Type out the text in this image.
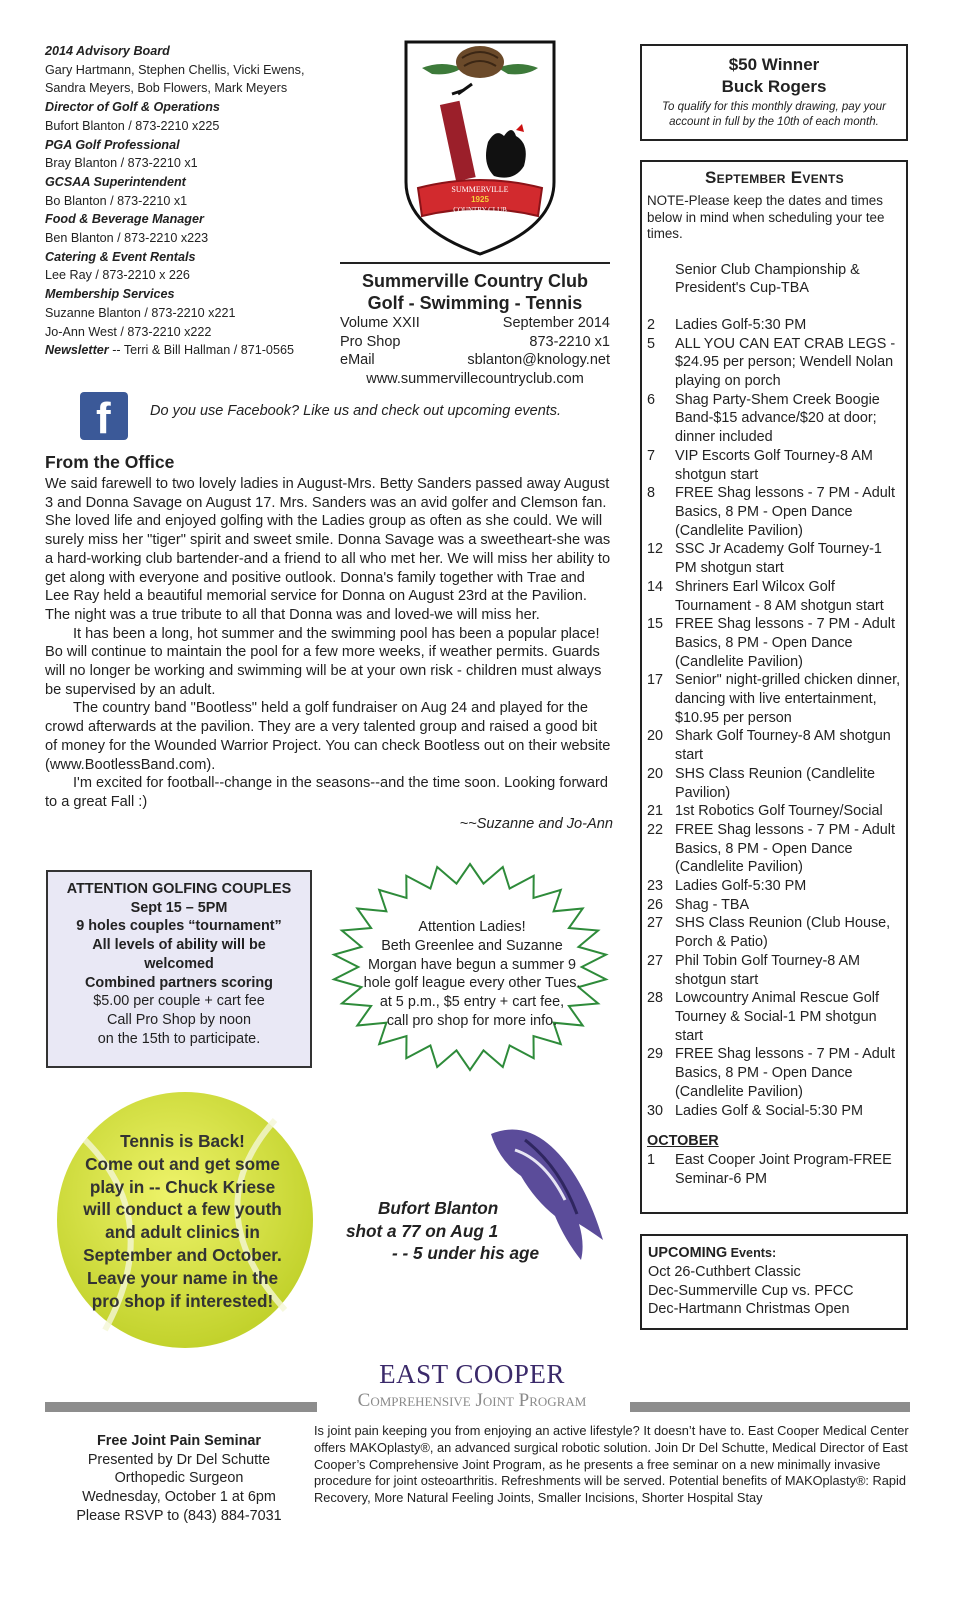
2014 Advisory Board
Gary Hartmann, Stephen Chellis, Vicki Ewens,
Sandra Meyers, Bob Flowers, Mark Meyers
Director of Golf & Operations
Bufort Blanton / 873-2210 x225
PGA Golf Professional
Bray Blanton / 873-2210 x1
GCSAA Superintendent
Bo Blanton / 873-2210 x1
Food & Beverage Manager
Ben Blanton / 873-2210 x223
Catering & Event Rentals
Lee Ray / 873-2210 x 226
Membership Services
Suzanne Blanton / 873-2210 x221
Jo-Ann West / 873-2210 x222
Newsletter -- Terri & Bill Hallman / 871-0565
SUMMERVILLE
1925
COUNTRY CLUB
Summerville Country Club
Golf - Swimming - Tennis
Volume XXII	September 2014
Pro Shop	873-2210 x1
eMail	sblanton@knology.net
www.summervillecountryclub.com
f	Do you use Facebook? Like us and check out upcoming events.
From the Office

We said farewell to two lovely ladies in August-Mrs. Betty Sanders passed away August 3 and Donna Savage on August 17. Mrs. Sanders was an avid golfer and Clemson fan. She loved life and enjoyed golfing with the Ladies group as often as she could. We will surely miss her "tiger" spirit and sweet smile. Donna Savage was a sweetheart-she was a hard-working club bartender-and a friend to all who met her. We will miss her ability to get along with everyone and positive outlook. Donna's family together with Trae and Lee Ray held a beautiful memorial service for Donna on August 23rd at the Pavilion. The night was a true tribute to all that Donna was and loved-we will miss her.

It has been a long, hot summer and the swimming pool has been a popular place! Bo will continue to maintain the pool for a few more weeks, if weather permits. Guards will no longer be working and swimming will be at your own risk - children must always be supervised by an adult.

The country band "Bootless" held a golf fundraiser on Aug 24 and played for the crowd afterwards at the pavilion. They are a very talented group and raised a good bit of money for the Wounded Warrior Project. You can check Bootless out on their website (www.BootlessBand.com).

I'm excited for football--change in the seasons--and the time soon. Looking forward to a great Fall :)

~~Suzanne and Jo-Ann
ATTENTION GOLFING COUPLES
Sept 15 – 5PM
9 holes couples “tournament”
All levels of ability will be
welcomed
Combined partners scoring
$5.00 per couple + cart fee
Call Pro Shop by noon
on the 15th to participate.
Attention Ladies!
Beth Greenlee and Suzanne
Morgan have begun a summer 9
hole golf league every other Tues.
at 5 p.m., $5 entry + cart fee,
call pro shop for more info.
Tennis is Back!
Come out and get some
play in -- Chuck Kriese
will conduct a few youth
and adult clinics in
September and October.
Leave your name in the
pro shop if interested!
Bufort Blanton
shot a 77 on Aug 1
- - 5 under his age
$50 Winner
Buck Rogers
To qualify for this monthly drawing, pay your account in full by the 10th of each month.
September Events
NOTE-Please keep the dates and times below in mind when scheduling your tee times.
Senior Club Championship & President's Cup-TBA
2	Ladies Golf-5:30 PM
5	ALL YOU CAN EAT CRAB LEGS - $24.95 per person; Wendell Nolan playing on porch
6	Shag Party-Shem Creek Boogie Band-$15 advance/$20 at door; dinner included
7	VIP Escorts Golf Tourney-8 AM shotgun start
8	FREE Shag lessons - 7 PM - Adult Basics, 8 PM - Open Dance (Candlelite Pavilion)
12 SSC Jr Academy Golf Tourney-1 PM shotgun start
14 Shriners Earl Wilcox Golf Tournament - 8 AM shotgun start
15 FREE Shag lessons - 7 PM - Adult Basics, 8 PM - Open Dance (Candlelite Pavilion)
17 Senior" night-grilled chicken dinner, dancing with live entertainment, $10.95 per person
20 Shark Golf Tourney-8 AM shotgun start
20 SHS Class Reunion (Candlelite Pavilion)
21 1st Robotics Golf Tourney/Social
22 FREE Shag lessons - 7 PM - Adult Basics, 8 PM - Open Dance (Candlelite Pavilion)
23 Ladies Golf-5:30 PM
26 Shag - TBA
27 SHS Class Reunion (Club House, Porch & Patio)
27 Phil Tobin Golf Tourney-8 AM shotgun start
28 Lowcountry Animal Rescue Golf Tourney & Social-1 PM shotgun start
29 FREE Shag lessons - 7 PM - Adult Basics, 8 PM - Open Dance (Candlelite Pavilion)
30 Ladies Golf & Social-5:30 PM
OCTOBER
1	East Cooper Joint Program-FREE Seminar-6 PM
UPCOMING Events:
Oct 26-Cuthbert Classic
Dec-Summerville Cup vs. PFCC
Dec-Hartmann Christmas Open
EAST COOPER
Comprehensive Joint Program
Free Joint Pain Seminar
Presented by Dr Del Schutte
Orthopedic Surgeon
Wednesday, October 1 at 6pm
Please RSVP to (843) 884-7031
Is joint pain keeping you from enjoying an active lifestyle? It doesn’t have to. East Cooper Medical Center offers MAKOplasty®, an advanced surgical robotic solution. Join Dr Del Schutte, Medical Director of East Cooper’s Comprehensive Joint Program, as he presents a free seminar on a new minimally invasive procedure for joint osteoarthritis. Refreshments will be served. Potential benefits of MAKOplasty®: Rapid Recovery, More Natural Feeling Joints, Smaller Incisions, Shorter Hospital Stay
